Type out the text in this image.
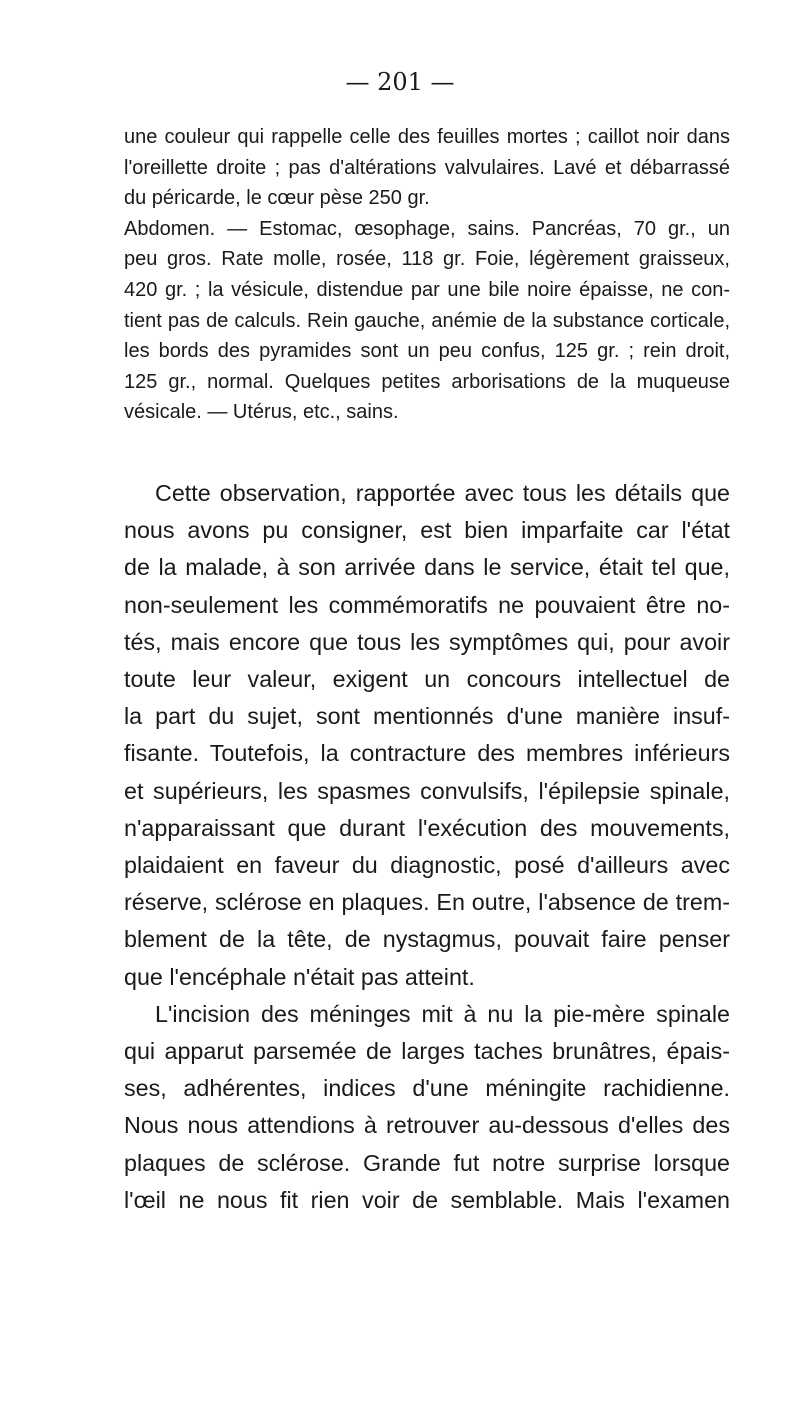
— 201 —
une couleur qui rappelle celle des feuilles mortes ; caillot noir dans
l'oreillette droite ; pas d'altérations valvulaires. Lavé et débarrassé
du péricarde, le cœur pèse 250 gr.
Abdomen. — Estomac, œsophage, sains. Pancréas, 70 gr., un
peu gros. Rate molle, rosée, 118 gr. Foie, légèrement graisseux,
420 gr. ; la vésicule, distendue par une bile noire épaisse, ne con-
tient pas de calculs. Rein gauche, anémie de la substance corticale,
les bords des pyramides sont un peu confus, 125 gr. ; rein droit,
125 gr., normal. Quelques petites arborisations de la muqueuse
vésicale. — Utérus, etc., sains.
Cette observation, rapportée avec tous les détails que
nous avons pu consigner, est bien imparfaite car l'état
de la malade, à son arrivée dans le service, était tel que,
non-seulement les commémoratifs ne pouvaient être no-
tés, mais encore que tous les symptômes qui, pour avoir
toute leur valeur, exigent un concours intellectuel de
la part du sujet, sont mentionnés d'une manière insuf-
fisante. Toutefois, la contracture des membres inférieurs
et supérieurs, les spasmes convulsifs, l'épilepsie spinale,
n'apparaissant que durant l'exécution des mouvements,
plaidaient en faveur du diagnostic, posé d'ailleurs avec
réserve, sclérose en plaques. En outre, l'absence de trem-
blement de la tête, de nystagmus, pouvait faire penser
que l'encéphale n'était pas atteint.
L'incision des méninges mit à nu la pie-mère spinale
qui apparut parsemée de larges taches brunâtres, épais-
ses, adhérentes, indices d'une méningite rachidienne.
Nous nous attendions à retrouver au-dessous d'elles des
plaques de sclérose. Grande fut notre surprise lorsque
l'œil ne nous fit rien voir de semblable. Mais l'examen
